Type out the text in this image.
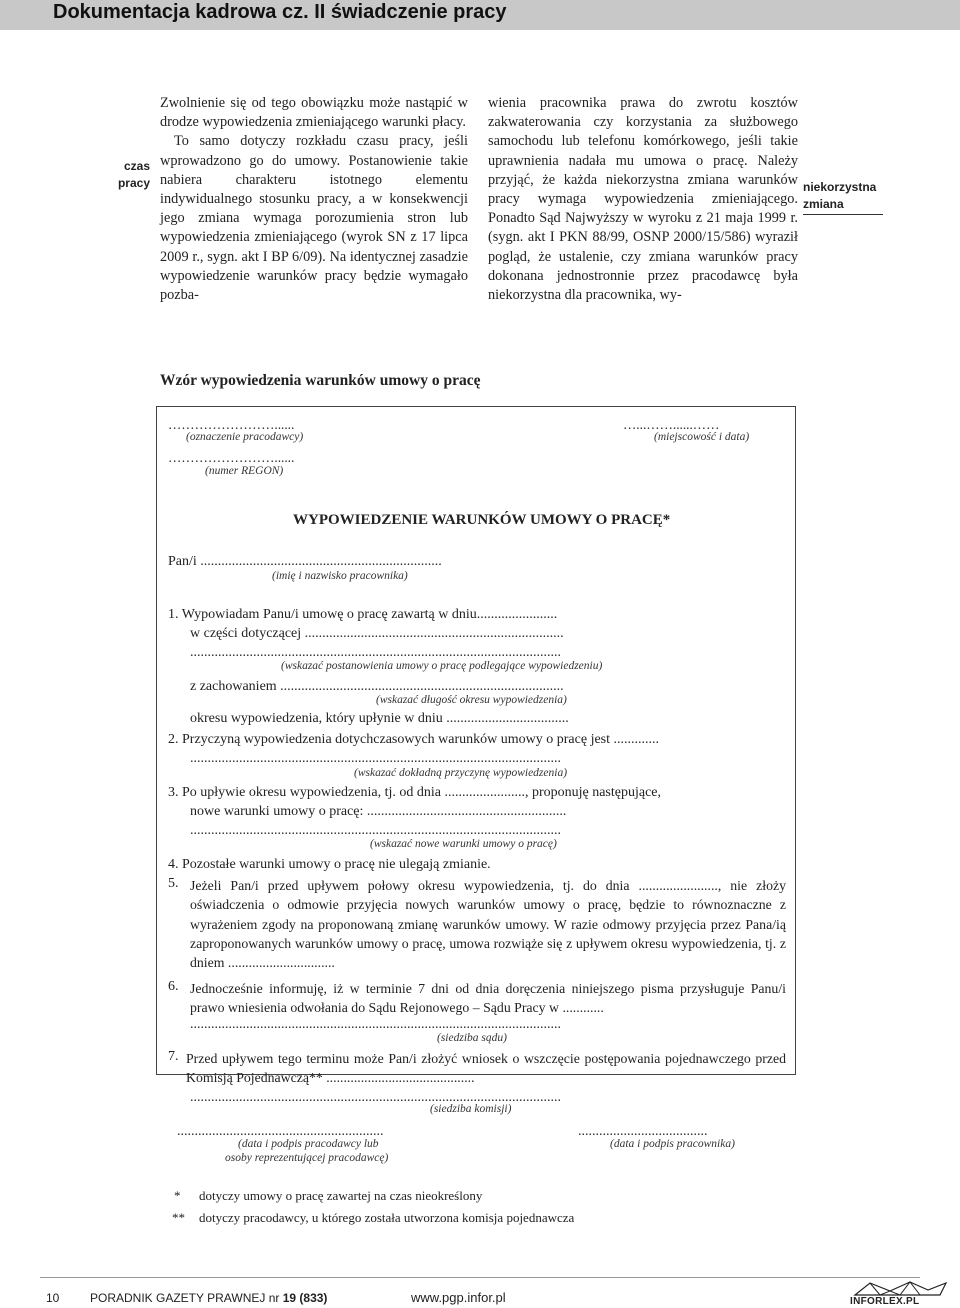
Dokumentacja kadrowa cz. II świadczenie pracy
czas
pracy	niekorzystna
zmiana

Zwolnienie się od tego obowiązku może nastąpić w drodze wypowiedzenia zmieniającego warunki płacy.

To samo dotyczy rozkładu czasu pracy, jeśli wprowadzono go do umowy. Postanowienie takie nabiera charakteru istotnego elementu indywidualnego stosunku pracy, a w konsekwencji jego zmiana wymaga porozumienia stron lub wypowiedzenia zmieniającego (wyrok SN z 17 lipca 2009 r., sygn. akt I BP 6/09). Na identycznej zasadzie wypowiedzenie warunków pracy będzie wymagało pozba-

wienia pracownika prawa do zwrotu kosztów zakwaterowania czy korzystania za służbowego samochodu lub telefonu komórkowego, jeśli takie uprawnienia nadała mu umowa o pracę. Należy przyjąć, że każda niekorzystna zmiana warunków pracy wymaga wypowiedzenia zmieniającego. Ponadto Sąd Najwyższy w wyroku z 21 maja 1999 r. (sygn. akt I PKN 88/99, OSNP 2000/15/586) wyraził pogląd, że ustalenie, czy zmiana warunków pracy dokonana jednostronnie przez pracodawcę była niekorzystna dla pracownika, wy-

Wzór wypowiedzenia warunków umowy o pracę
……………………......
(oznaczenie pracodawcy)
…...……......……
(miejscowość i data)
……………………......
(numer REGON)
WYPOWIEDZENIE WARUNKÓW UMOWY O PRACĘ*
Pan/i .....................................................................
(imię i nazwisko pracownika)
1. Wypowiadam Panu/i umowę o pracę zawartą w dniu.......................
w części dotyczącej ..........................................................................
..........................................................................................................
(wskazać postanowienia umowy o pracę podlegające wypowiedzeniu)
z zachowaniem .................................................................................
(wskazać długość okresu wypowiedzenia)
okresu wypowiedzenia, który upłynie w dniu ...................................
2. Przyczyną wypowiedzenia dotychczasowych warunków umowy o pracę jest .............
..........................................................................................................
(wskazać dokładną przyczynę wypowiedzenia)
3. Po upływie okresu wypowiedzenia, tj. od dnia ......................., proponuję następujące,
nowe warunki umowy o pracę: .........................................................
..........................................................................................................
(wskazać nowe warunki umowy o pracę)
4. Pozostałe warunki umowy o pracę nie ulegają zmianie.
5. Jeżeli Pan/i przed upływem połowy okresu wypowiedzenia, tj. do dnia ......................., nie złoży oświadczenia o odmowie przyjęcia nowych warunków umowy o pracę, będzie to równoznaczne z wyrażeniem zgody na proponowaną zmianę warunków umowy. W razie odmowy przyjęcia przez Pana/ią zaproponowanych warunków umowy o pracę, umowa rozwiąże się z upływem okresu wypowiedzenia, tj. z dniem ...............................
6. Jednocześnie informuję, iż w terminie 7 dni od dnia doręczenia niniejszego pisma przysługuje Panu/i prawo wniesienia odwołania do Sądu Rejonowego – Sądu Pracy w ............
..........................................................................................................
(siedziba sądu)
7. Przed upływem tego terminu może Pan/i złożyć wniosek o wszczęcie postępowania pojednawczego przed Komisją Pojednawczą** ...........................................
..........................................................................................................
(siedziba komisji)
...........................................................
(data i podpis pracodawcy lub
osoby reprezentującej pracodawcę)
.....................................
(data i podpis pracownika)
* dotyczy umowy o pracę zawartej na czas nieokreślony
** dotyczy pracodawcy, u którego została utworzona komisja pojednawcza
10	PORADNIK GAZETY PRAWNEJ nr 19 (833)	www.pgp.infor.pl	INFORLEX.PL
